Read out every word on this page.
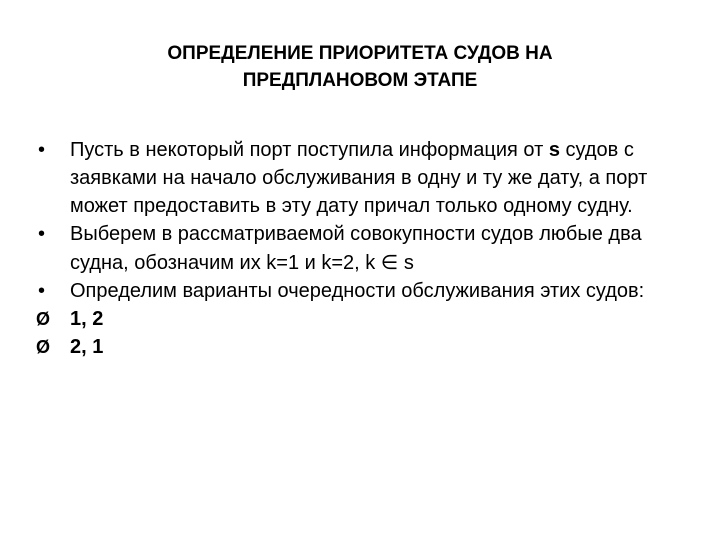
ОПРЕДЕЛЕНИЕ ПРИОРИТЕТА СУДОВ НА
ПРЕДПЛАНОВОМ ЭТАПЕ
•	Пусть в некоторый порт поступила информация от s судов с заявками на начало обслуживания в одну и ту же дату, а порт может предоставить в эту дату причал только одному судну.
•	Выберем в рассматриваемой совокупности судов любые два судна, обозначим их k=1 и k=2, k ∈ s
•	Определим варианты очередности обслуживания этих судов:
Ø 1, 2
Ø 2, 1
